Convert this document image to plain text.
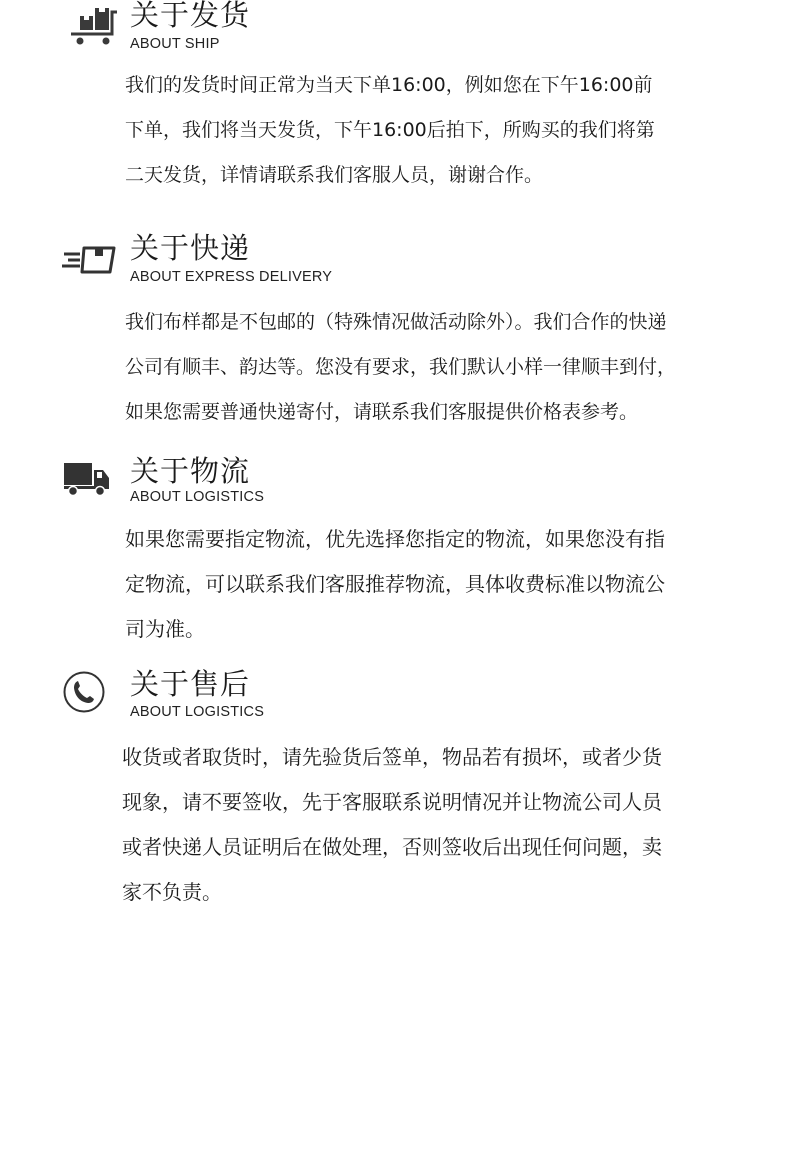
关于发货
ABOUT SHIP
我们的发货时间正常为当天下单16:00，例如您在下午16:00前
下单，我们将当天发货，下午16:00后拍下，所购买的我们将第
二天发货，详情请联系我们客服人员，谢谢合作。
关于快递
ABOUT EXPRESS DELIVERY
我们布样都是不包邮的（特殊情况做活动除外）。我们合作的快递
公司有顺丰、韵达等。您没有要求，我们默认小样一律顺丰到付，
如果您需要普通快递寄付，请联系我们客服提供价格表参考。
关于物流
ABOUT LOGISTICS
如果您需要指定物流，优先选择您指定的物流，如果您没有指
定物流，可以联系我们客服推荐物流，具体收费标准以物流公
司为准。
关于售后
ABOUT LOGISTICS
收货或者取货时，请先验货后签单，物品若有损坏，或者少货
现象，请不要签收，先于客服联系说明情况并让物流公司人员
或者快递人员证明后在做处理，否则签收后出现任何问题，卖
家不负责。
